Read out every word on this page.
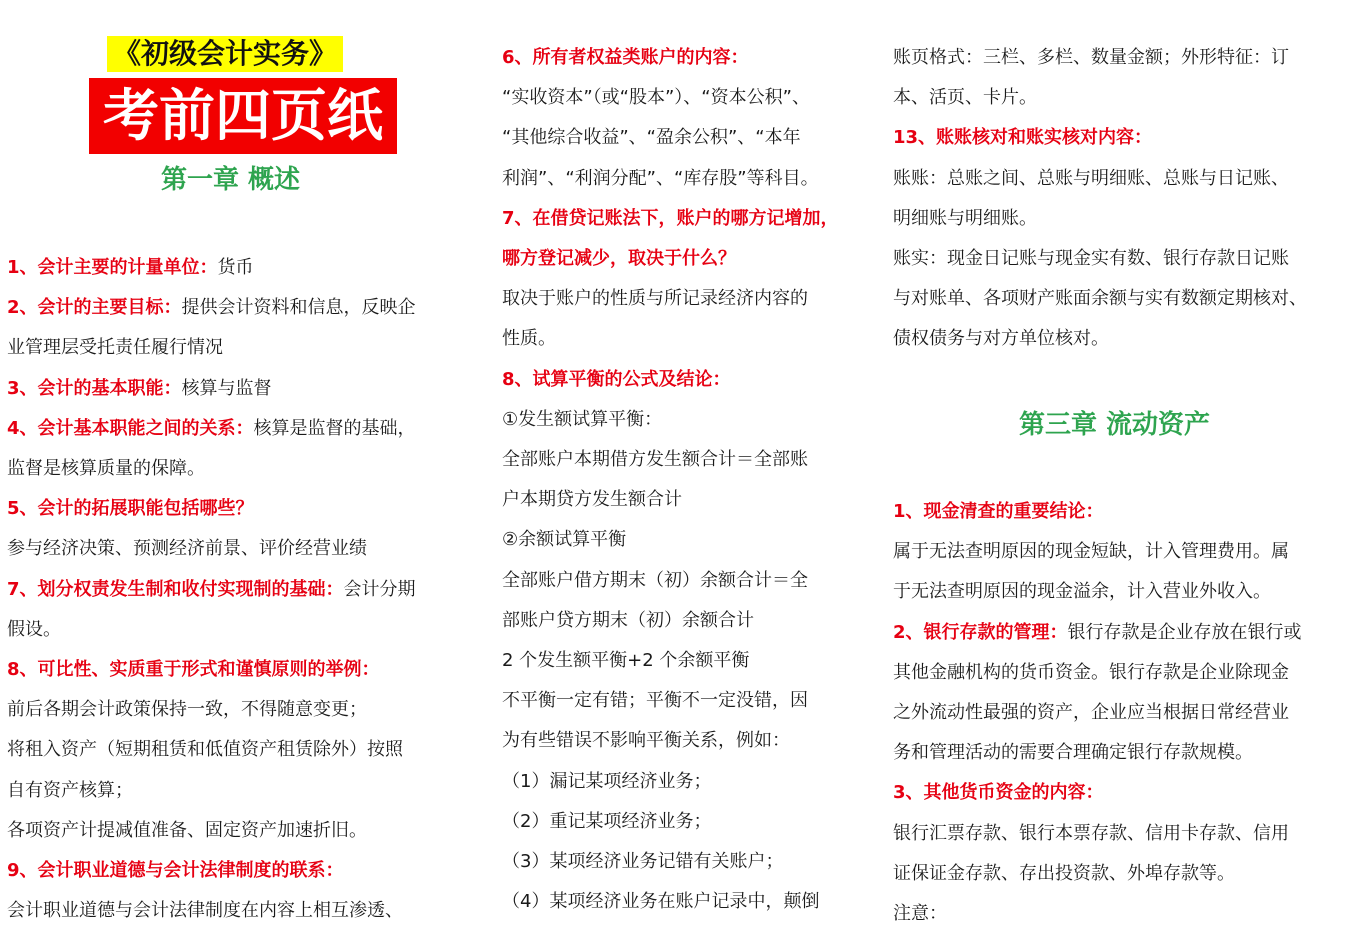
《初级会计实务》
考前四页纸
第一章 概述
1、会计主要的计量单位：货币
2、会计的主要目标：提供会计资料和信息，反映企
业管理层受托责任履行情况
3、会计的基本职能：核算与监督
4、会计基本职能之间的关系：核算是监督的基础，
监督是核算质量的保障。
5、会计的拓展职能包括哪些？
参与经济决策、预测经济前景、评价经营业绩
7、划分权责发生制和收付实现制的基础：会计分期
假设。
8、可比性、实质重于形式和谨慎原则的举例：
前后各期会计政策保持一致，不得随意变更；
将租入资产（短期租赁和低值资产租赁除外）按照
自有资产核算；
各项资产计提减值准备、固定资产加速折旧。
9、会计职业道德与会计法律制度的联系：
会计职业道德与会计法律制度在内容上相互渗透、
6、所有者权益类账户的内容：
“实收资本”（或“股本”）、“资本公积”、
“其他综合收益”、“盈余公积”、“本年
利润”、“利润分配”、“库存股”等科目。
7、在借贷记账法下，账户的哪方记增加，
哪方登记减少，取决于什么？
取决于账户的性质与所记录经济内容的
性质。
8、试算平衡的公式及结论：
①发生额试算平衡：
全部账户本期借方发生额合计＝全部账
户本期贷方发生额合计
②余额试算平衡
全部账户借方期末（初）余额合计＝全
部账户贷方期末（初）余额合计
2 个发生额平衡+2 个余额平衡
不平衡一定有错；平衡不一定没错，因
为有些错误不影响平衡关系，例如：
（1）漏记某项经济业务；
（2）重记某项经济业务；
（3）某项经济业务记错有关账户；
（4）某项经济业务在账户记录中，颠倒
账页格式：三栏、多栏、数量金额；外形特征：订
本、活页、卡片。
13、账账核对和账实核对内容：
账账：总账之间、总账与明细账、总账与日记账、
明细账与明细账。
账实：现金日记账与现金实有数、银行存款日记账
与对账单、各项财产账面余额与实有数额定期核对、
债权债务与对方单位核对。
第三章 流动资产
1、现金清查的重要结论：
属于无法查明原因的现金短缺，计入管理费用。属
于无法查明原因的现金溢余，计入营业外收入。
2、银行存款的管理：银行存款是企业存放在银行或
其他金融机构的货币资金。银行存款是企业除现金
之外流动性最强的资产，企业应当根据日常经营业
务和管理活动的需要合理确定银行存款规模。
3、其他货币资金的内容：
银行汇票存款、银行本票存款、信用卡存款、信用
证保证金存款、存出投资款、外埠存款等。
注意：
